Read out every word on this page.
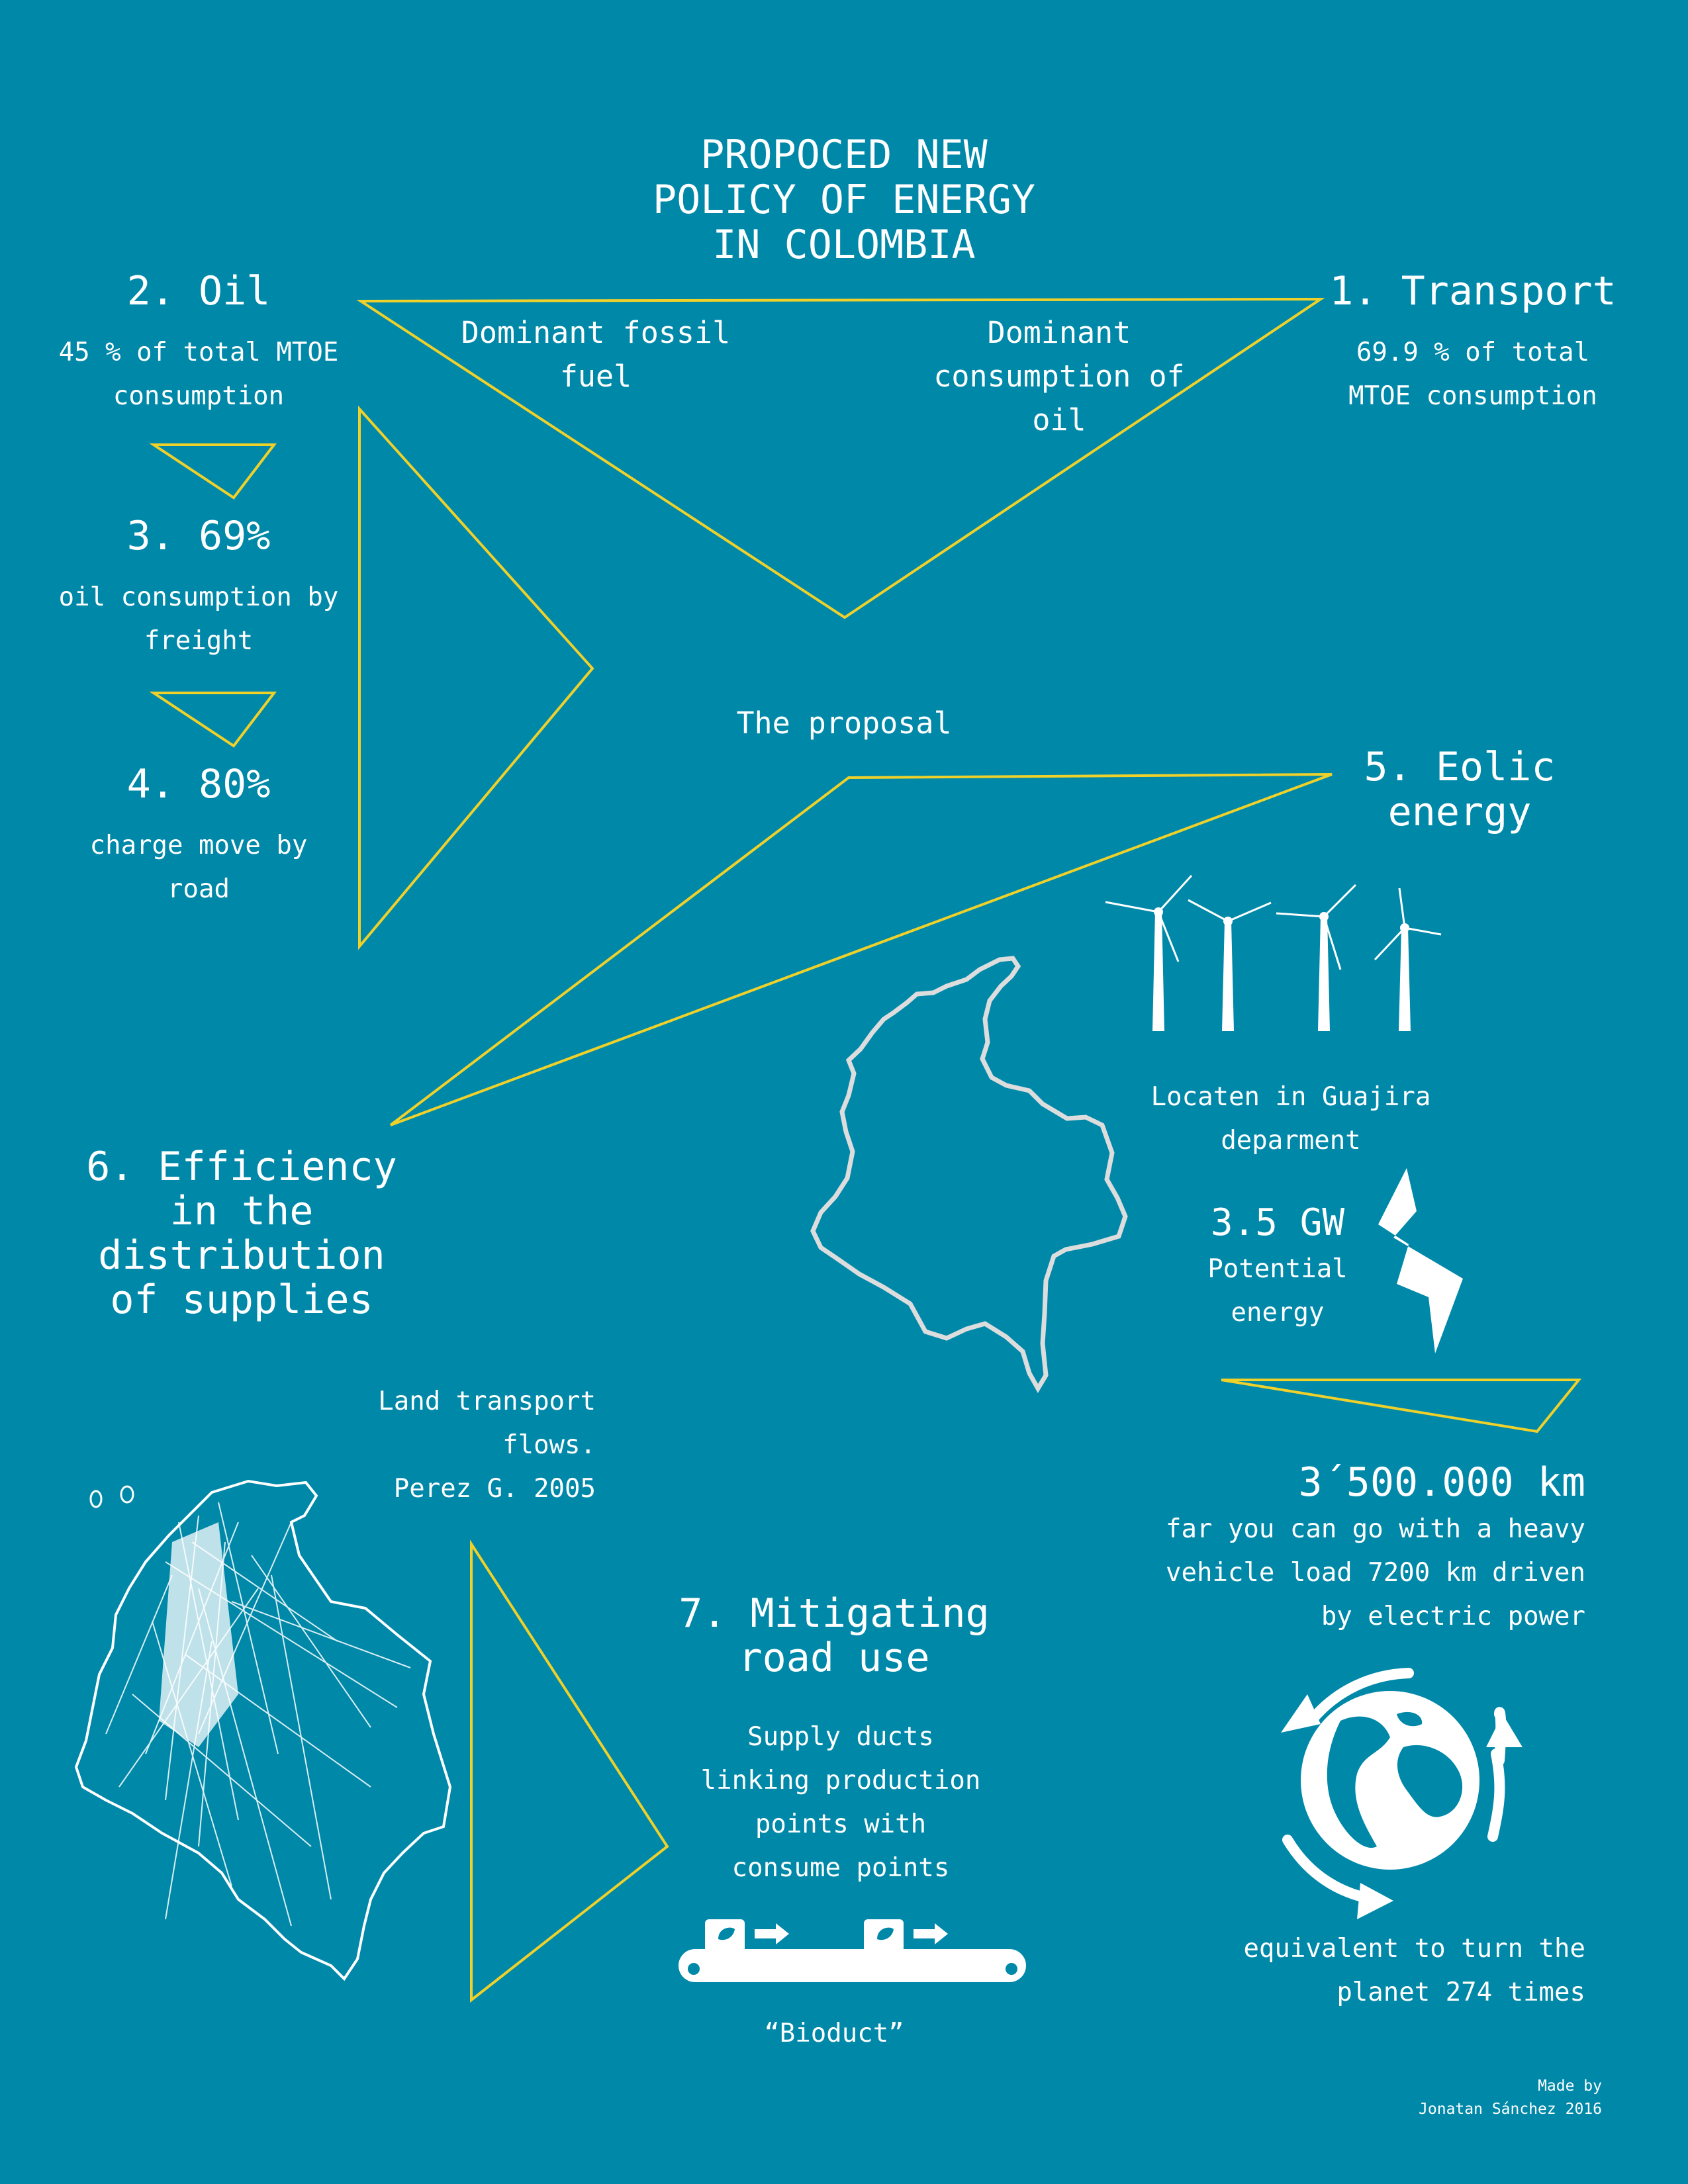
PROPOCED NEW
POLICY OF ENERGY
IN COLOMBIA
1. Transport
69.9 % of total
MTOE consumption
2. Oil
45 % of total MTOE
consumption
3. 69%
oil consumption by
freight
4. 80%
charge move by
road
Dominant fossil
fuel
Dominant
consumption of
oil
The proposal
5. Eolic
energy
Locaten in Guajira
deparment
3.5 GW
Potential
energy
6. Efficiency
in the
distribution
of supplies
Land transport
flows.
Perez G. 2005	3´500.000 km
far you can go with a heavy
vehicle load 7200 km driven
by electric power
equivalent to turn the
planet 274 times
7. Mitigating
road use
Supply ducts
linking production
points with
consume points
“Bioduct”
Made by
Jonatan Sánchez 2016
